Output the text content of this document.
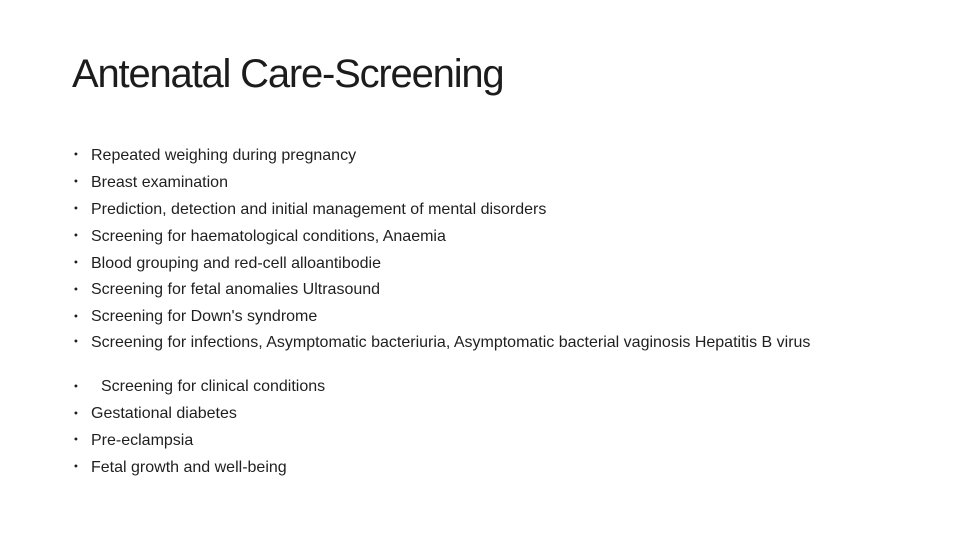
Antenatal Care-Screening
• Repeated weighing during pregnancy
• Breast examination
• Prediction, detection and initial management of mental disorders
• Screening for haematological conditions, Anaemia
• Blood grouping and red-cell alloantibodie
• Screening for fetal anomalies Ultrasound
• Screening for Down's syndrome
• Screening for infections, Asymptomatic bacteriuria, Asymptomatic bacterial vaginosis Hepatitis B virus
•	Screening for clinical conditions
• Gestational diabetes
• Pre-eclampsia
• Fetal growth and well-being
